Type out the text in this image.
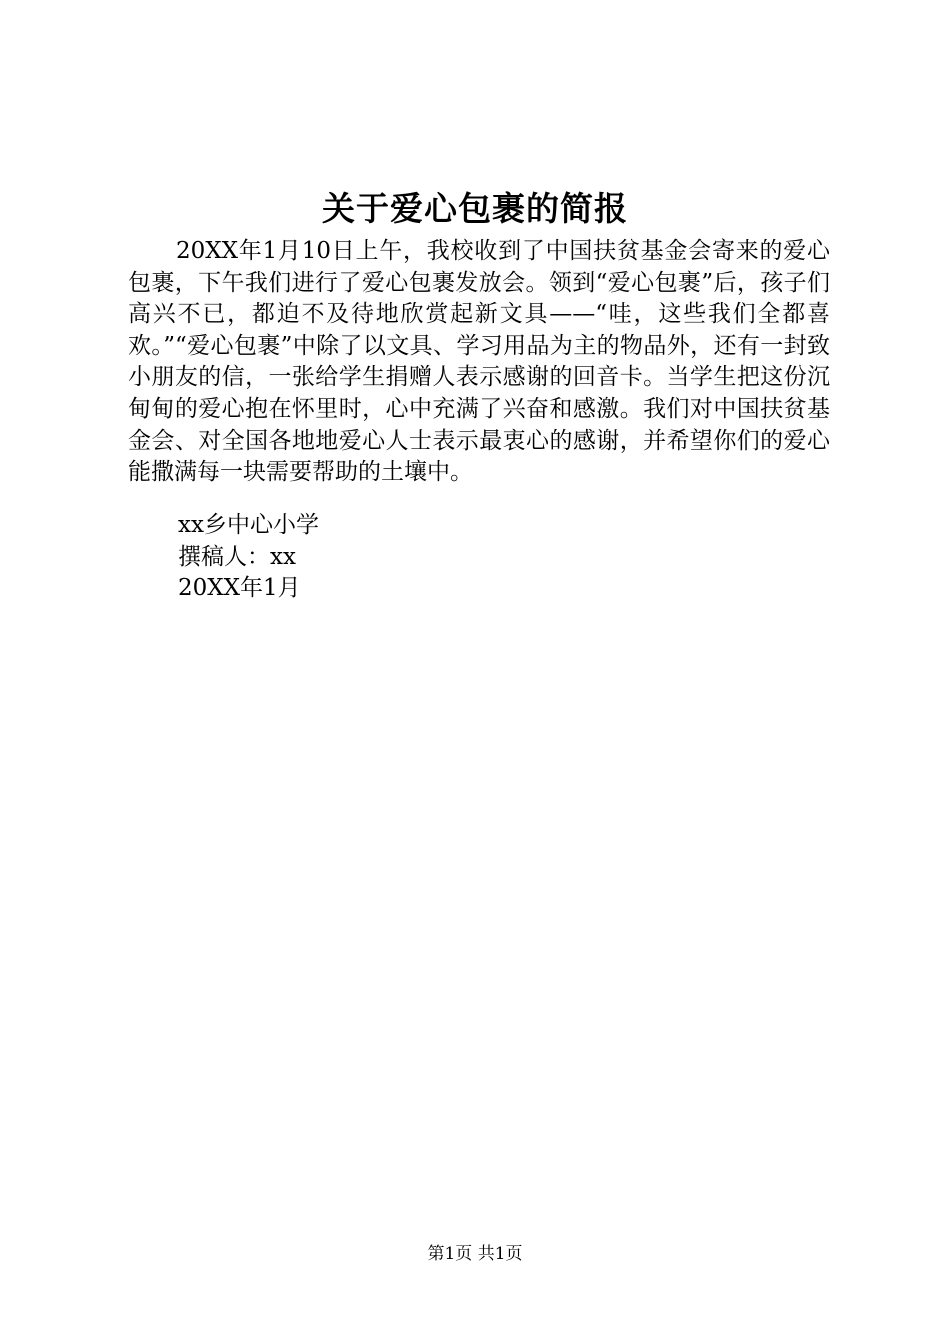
关于爱心包裹的简报

20XX年1月10日上午，我校收到了中国扶贫基金会寄来的爱心包裹，下午我们进行了爱心包裹发放会。领到“爱心包裹”后，孩子们高兴不已，都迫不及待地欣赏起新文具——“哇，这些我们全都喜欢。”“爱心包裹”中除了以文具、学习用品为主的物品外，还有一封致小朋友的信，一张给学生捐赠人表示感谢的回音卡。当学生把这份沉甸甸的爱心抱在怀里时，心中充满了兴奋和感激。我们对中国扶贫基金会、对全国各地地爱心人士表示最衷心的感谢，并希望你们的爱心能撒满每一块需要帮助的土壤中。

xx乡中心小学

撰稿人：xx

20XX年1月

第1页 共1页
